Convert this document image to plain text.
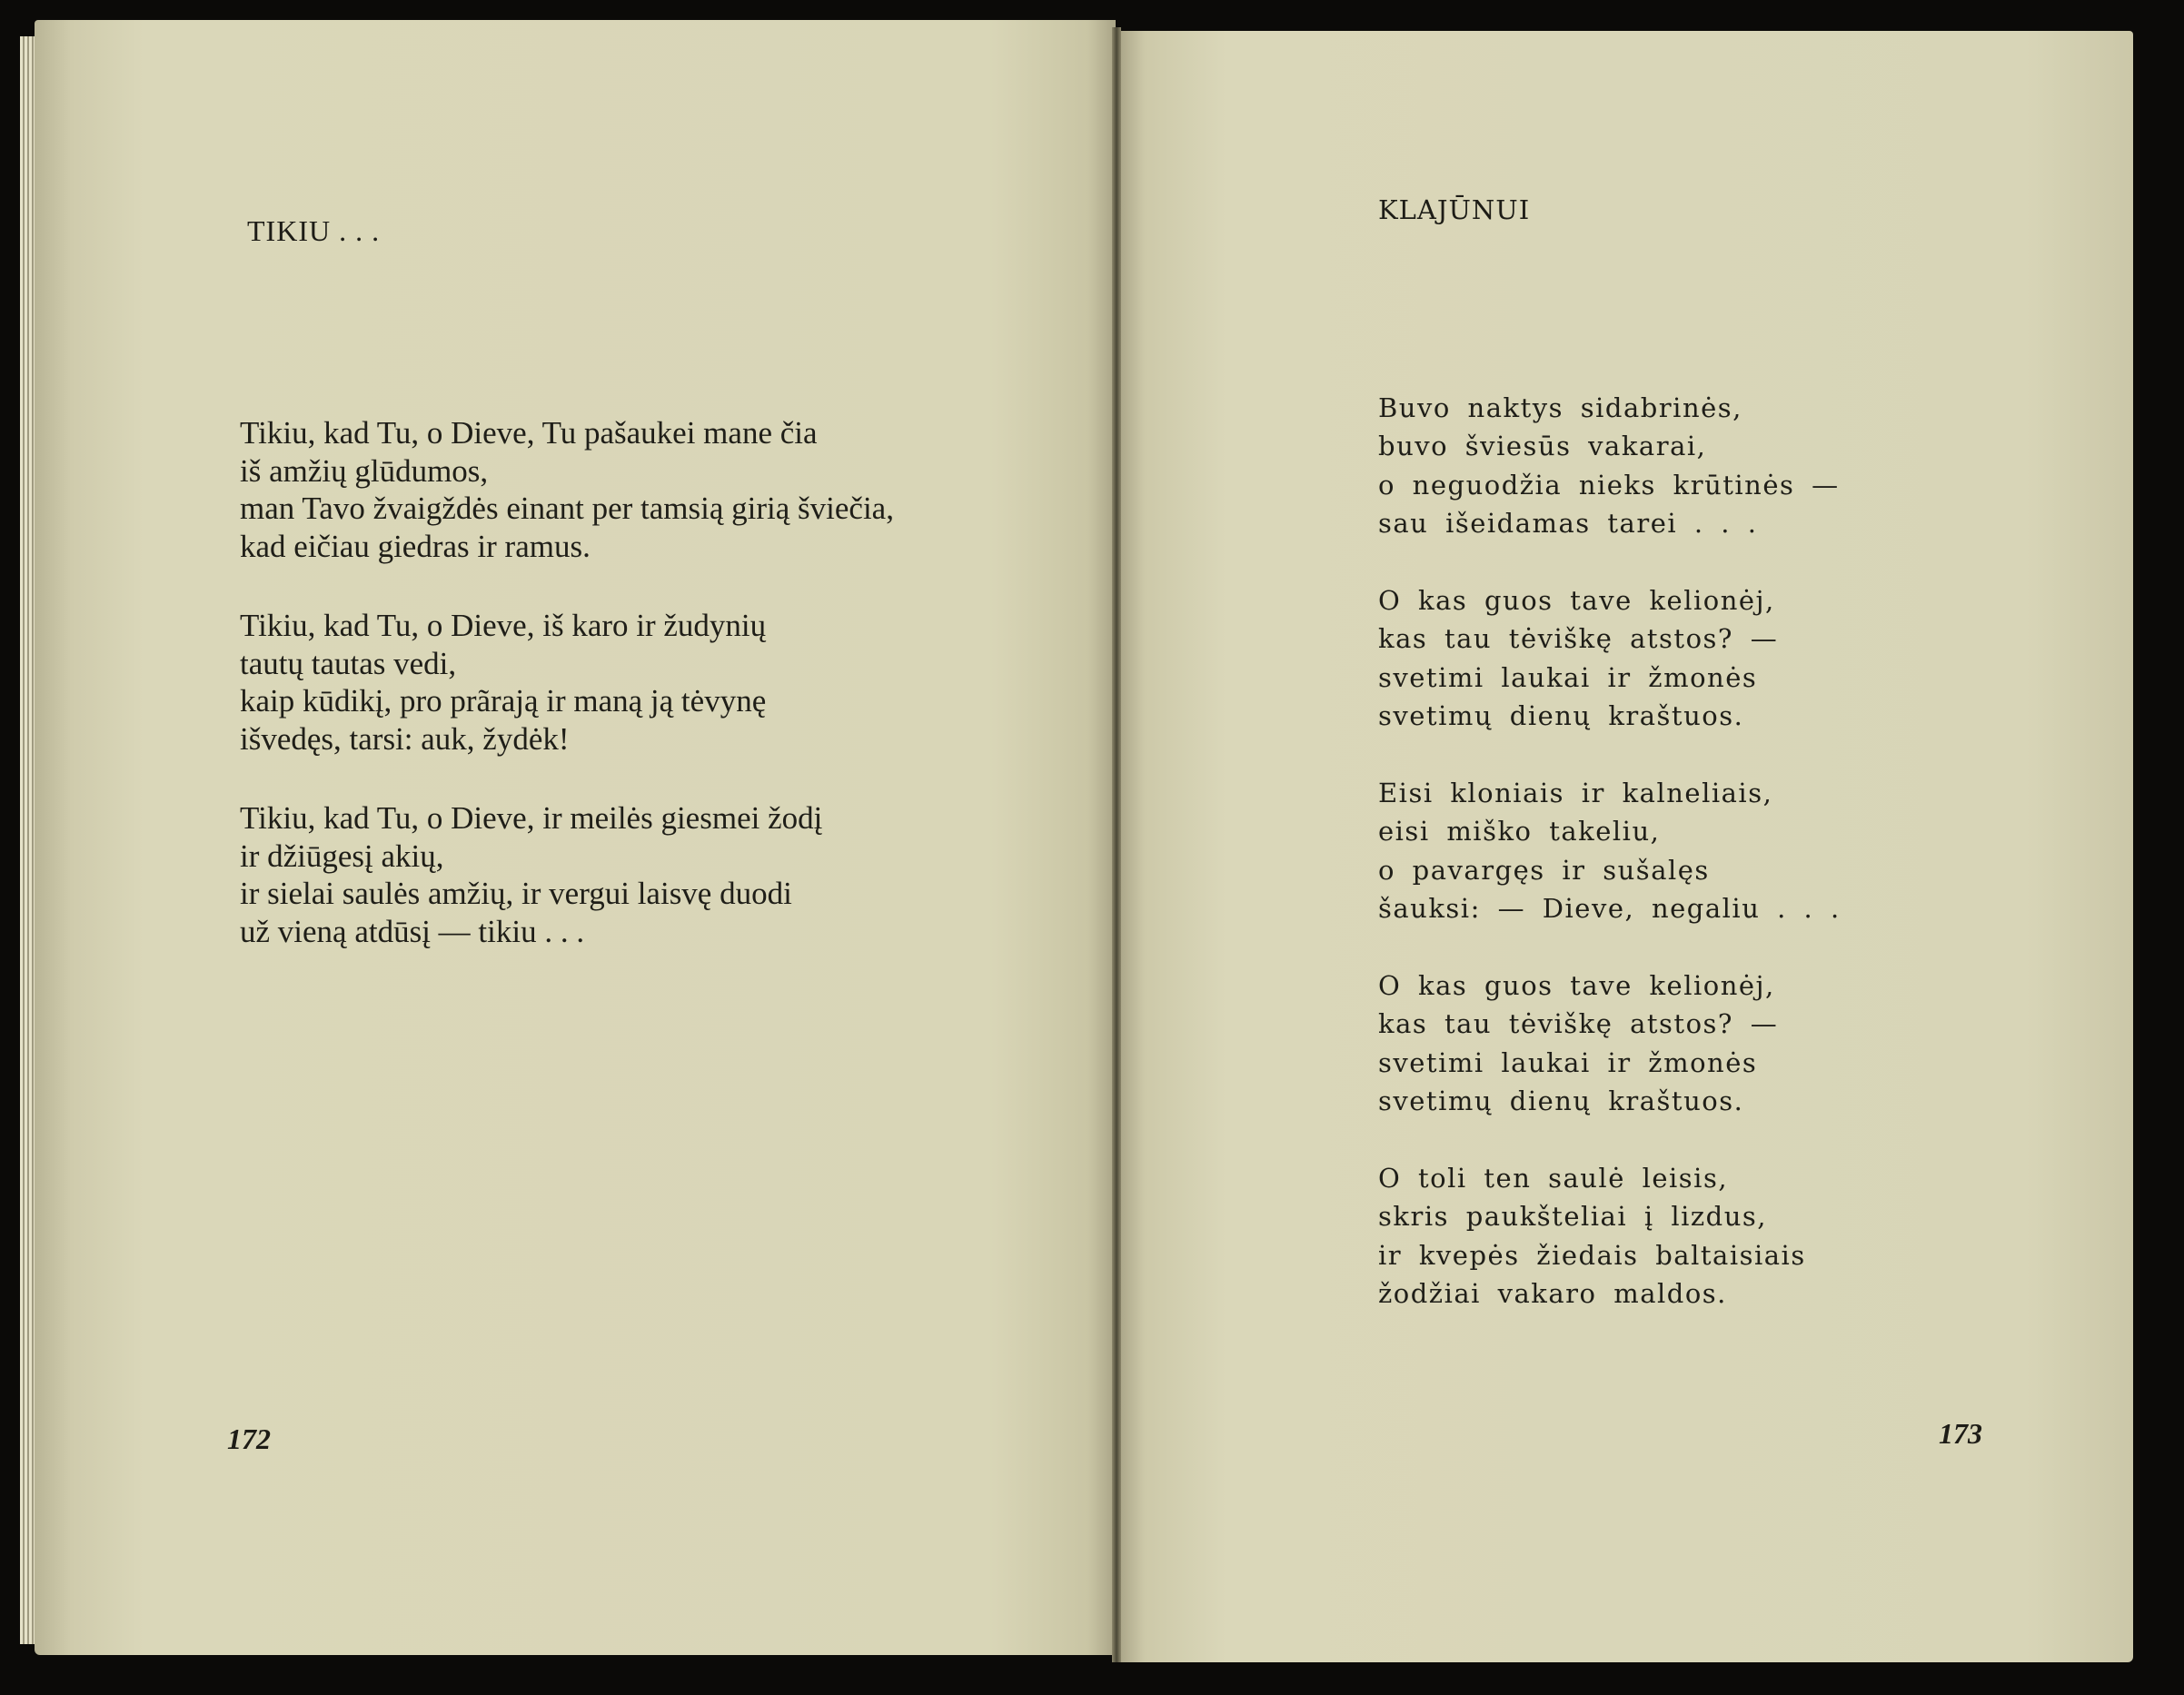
TIKIU . . .
Tikiu, kad Tu, o Dieve, Tu pašaukei mane čia
iš amžių glūdumos,
man Tavo žvaigždės einant per tamsią girią šviečia,
kad eičiau giedras ir ramus.
Tikiu, kad Tu, o Dieve, iš karo ir žudynių
tautų tautas vedi,
kaip kūdikį, pro prãrają ir maną ją tėvynę
išvedęs, tarsi: auk, žydėk!
Tikiu, kad Tu, o Dieve, ir meilės giesmei žodį
ir džiūgesį akių,
ir sielai saulės amžių, ir vergui laisvę duodi
už vieną atdūsį — tikiu . . .
172
KLAJŪNUI
Buvo naktys sidabrinės,
buvo šviesūs vakarai,
o neguodžia nieks krūtinės —
sau išeidamas tarei . . .
O kas guos tave kelionėj,
kas tau tėviškę atstos? —
svetimi laukai ir žmonės
svetimų dienų kraštuos.
Eisi kloniais ir kalneliais,
eisi miško takeliu,
o pavargęs ir sušalęs
šauksi: — Dieve, negaliu . . .
O kas guos tave kelionėj,
kas tau tėviškę atstos? —
svetimi laukai ir žmonės
svetimų dienų kraštuos.
O toli ten saulė leisis,
skris paukšteliai į lizdus,
ir kvepės žiedais baltaisiais
žodžiai vakaro maldos.
173
